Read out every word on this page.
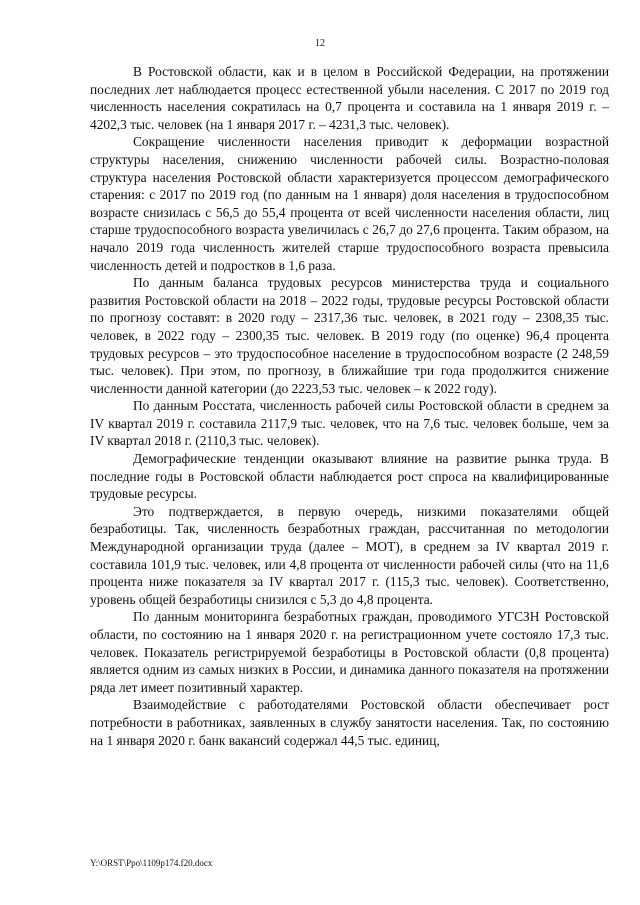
12

В Ростовской области, как и в целом в Российской Федерации, на протяжении последних лет наблюдается процесс естественной убыли населения. С 2017 по 2019 год численность населения сократилась на 0,7 процента и составила на 1 января 2019 г. – 4202,3 тыс. человек (на 1 января 2017 г. – 4231,3 тыс. человек).

Сокращение численности населения приводит к деформации возрастной структуры населения, снижению численности рабочей силы. Возрастно-половая структура населения Ростовской области характеризуется процессом демографического старения: с 2017 по 2019 год (по данным на 1 января) доля населения в трудоспособном возрасте снизилась с 56,5 до 55,4 процента от всей численности населения области, лиц старше трудоспособного возраста увеличилась с 26,7 до 27,6 процента. Таким образом, на начало 2019 года численность жителей старше трудоспособного возраста превысила численность детей и подростков в 1,6 раза.

По данным баланса трудовых ресурсов министерства труда и социального развития Ростовской области на 2018 – 2022 годы, трудовые ресурсы Ростовской области по прогнозу составят: в 2020 году – 2317,36 тыс. человек, в 2021 году – 2308,35 тыс. человек, в 2022 году – 2300,35 тыс. человек. В 2019 году (по оценке) 96,4 процента трудовых ресурсов – это трудоспособное население в трудоспособном возрасте (2 248,59 тыс. человек). При этом, по прогнозу, в ближайшие три года продолжится снижение численности данной категории (до 2223,53 тыс. человек – к 2022 году).

По данным Росстата, численность рабочей силы Ростовской области в среднем за IV квартал 2019 г. составила 2117,9 тыс. человек, что на 7,6 тыс. человек больше, чем за IV квартал 2018 г. (2110,3 тыс. человек).

Демографические тенденции оказывают влияние на развитие рынка труда. В последние годы в Ростовской области наблюдается рост спроса на квалифицированные трудовые ресурсы.

Это подтверждается, в первую очередь, низкими показателями общей безработицы. Так, численность безработных граждан, рассчитанная по методологии Международной организации труда (далее – МОТ), в среднем за IV квартал 2019 г. составила 101,9 тыс. человек, или 4,8 процента от численности рабочей силы (что на 11,6 процента ниже показателя за IV квартал 2017 г. (115,3 тыс. человек). Соответственно, уровень общей безработицы снизился с 5,3 до 4,8 процента.

По данным мониторинга безработных граждан, проводимого УГСЗН Ростовской области, по состоянию на 1 января 2020 г. на регистрационном учете состояло 17,3 тыс. человек. Показатель регистрируемой безработицы в Ростовской области (0,8 процента) является одним из самых низких в России, и динамика данного показателя на протяжении ряда лет имеет позитивный характер.

Взаимодействие с работодателями Ростовской области обеспечивает рост потребности в работниках, заявленных в службу занятости населения. Так, по состоянию на 1 января 2020 г. банк вакансий содержал 44,5 тыс. единиц,

Y:\ORST\Ppo\1109p174.f20.docx
